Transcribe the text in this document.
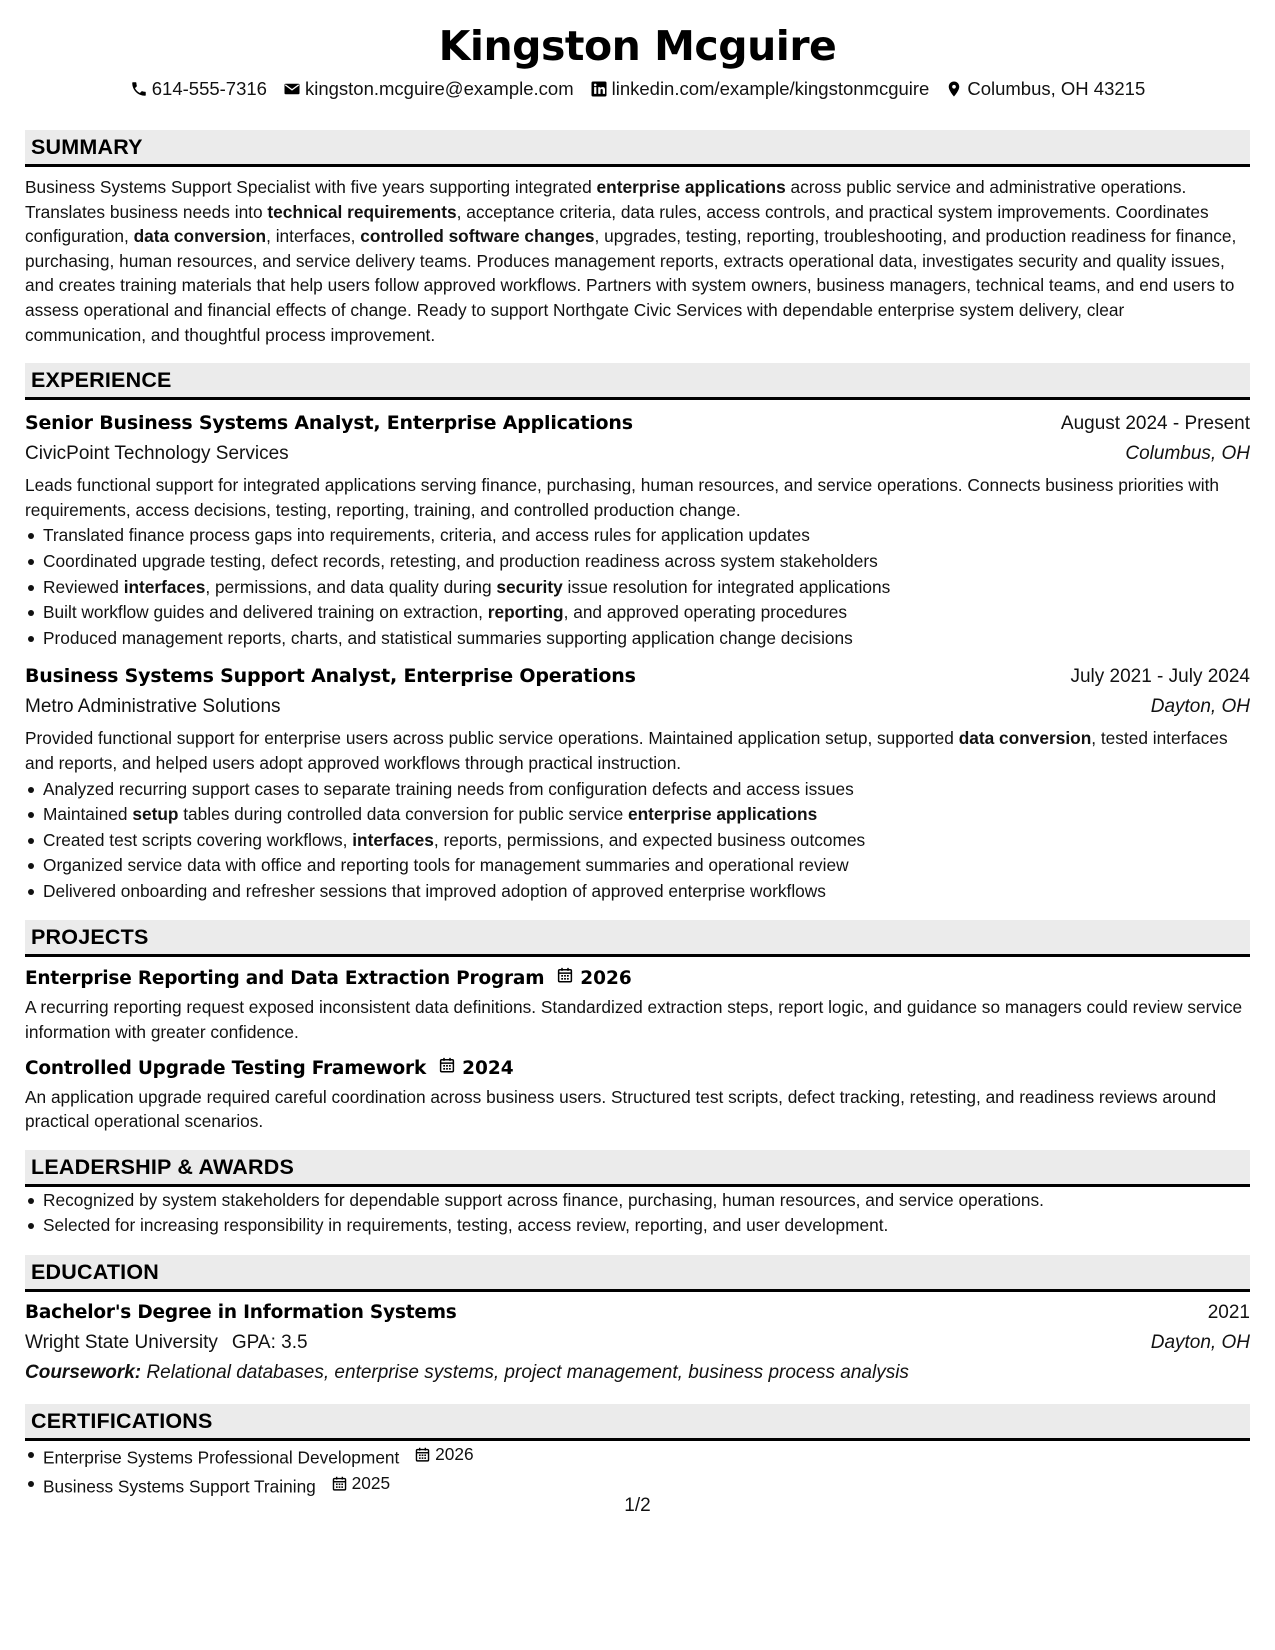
Kingston Mcguire
614-555-7316 kingston.mcguire@example.com linkedin.com/example/kingstonmcguire Columbus, OH 43215
SUMMARY
Business Systems Support Specialist with five years supporting integrated enterprise applications across public service and administrative operations. Translates business needs into technical requirements, acceptance criteria, data rules, access controls, and practical system improvements. Coordinates configuration, data conversion, interfaces, controlled software changes, upgrades, testing, reporting, troubleshooting, and production readiness for finance, purchasing, human resources, and service delivery teams. Produces management reports, extracts operational data, investigates security and quality issues, and creates training materials that help users follow approved workflows. Partners with system owners, business managers, technical teams, and end users to assess operational and financial effects of change. Ready to support Northgate Civic Services with dependable enterprise system delivery, clear communication, and thoughtful process improvement.
EXPERIENCE
Senior Business Systems Analyst, Enterprise Applications	August 2024 - Present
CivicPoint Technology Services	Columbus, OH
Leads functional support for integrated applications serving finance, purchasing, human resources, and service operations. Connects business priorities with requirements, access decisions, testing, reporting, training, and controlled production change.
Translated finance process gaps into requirements, criteria, and access rules for application updates
Coordinated upgrade testing, defect records, retesting, and production readiness across system stakeholders
Reviewed interfaces, permissions, and data quality during security issue resolution for integrated applications
Built workflow guides and delivered training on extraction, reporting, and approved operating procedures
Produced management reports, charts, and statistical summaries supporting application change decisions
Business Systems Support Analyst, Enterprise Operations	July 2021 - July 2024
Metro Administrative Solutions	Dayton, OH
Provided functional support for enterprise users across public service operations. Maintained application setup, supported data conversion, tested interfaces and reports, and helped users adopt approved workflows through practical instruction.
Analyzed recurring support cases to separate training needs from configuration defects and access issues
Maintained setup tables during controlled data conversion for public service enterprise applications
Created test scripts covering workflows, interfaces, reports, permissions, and expected business outcomes
Organized service data with office and reporting tools for management summaries and operational review
Delivered onboarding and refresher sessions that improved adoption of approved enterprise workflows
PROJECTS
Enterprise Reporting and Data Extraction Program 2026
A recurring reporting request exposed inconsistent data definitions. Standardized extraction steps, report logic, and guidance so managers could review service information with greater confidence.
Controlled Upgrade Testing Framework 2024
An application upgrade required careful coordination across business users. Structured test scripts, defect tracking, retesting, and readiness reviews around practical operational scenarios.
LEADERSHIP & AWARDS
Recognized by system stakeholders for dependable support across finance, purchasing, human resources, and service operations.
Selected for increasing responsibility in requirements, testing, access review, reporting, and user development.
EDUCATION
Bachelor's Degree in Information Systems	2021
Wright State University GPA: 3.5	Dayton, OH
Coursework: Relational databases, enterprise systems, project management, business process analysis
CERTIFICATIONS
Enterprise Systems Professional Development 2026
Business Systems Support Training 2025
1/2
